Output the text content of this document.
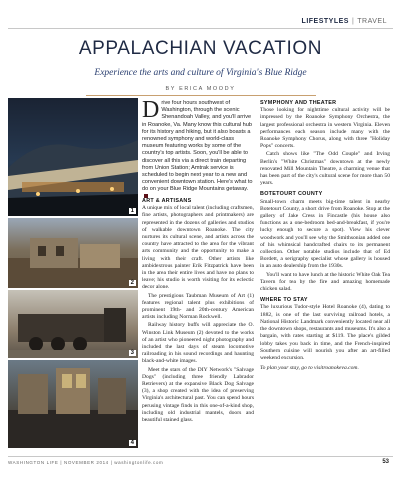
LIFESTYLES | TRAVEL
APPALACHIAN VACATION
Experience the arts and culture of Virginia's Blue Ridge
BY ERICA MOODY
1
2
3
4
Drive four hours southwest of Washington, through the scenic Shenandoah Valley, and you'll arrive in Roanoke, Va. Many know this cultural hub for its history and hiking, but it also boasts a renowned symphony and world-class museum featuring works by some of the country's top artists. Soon, you'll be able to discover all this via a direct train departing from Union Station; Amtrak service is scheduled to begin next year to a new and convenient downtown station. Here's what to do on your Blue Ridge Mountains getaway.
ART & ARTISANS

A unique mix of local talent (including craftsmen, fine artists, photographers and printmakers) are represented in the dozens of galleries and studios of walkable downtown Roanoke. The city nurtures its cultural scene, and artists across the country have attracted to the area for the vibrant arts community and the opportunity to make a living with their craft. Other artists like ambidextrous painter Erik Fitzpatrick have been in the area their entire lives and have no plans to leave; his studio is worth visiting for its eclectic decor alone.

The prestigious Taubman Museum of Art (1) features regional talent plus exhibitions of prominent 19th- and 20th-century American artists including Norman Rockwell.

Railway history buffs will appreciate the O. Winston Link Museum (2) devoted to the works of an artist who pioneered night photography and included the last days of steam locomotive railroading in his sound recordings and haunting black-and-white images.

Meet the stars of the DIY Network's "Salvage Dogs" (including three friendly Labrador Retrievers) at the expansive Black Dog Salvage (3), a shop created with the idea of preserving Virginia's architectural past. You can spend hours perusing vintage finds in this one-of-a-kind shop, including old industrial mantels, doors and beautiful stained glass.

SYMPHONY AND THEATER

Those looking for nighttime cultural activity will be impressed by the Roanoke Symphony Orchestra, the largest professional orchestra in western Virginia. Eleven performances each season include many with the Roanoke Symphony Chorus, along with three "Holiday Pops" concerts.

Catch shows like "The Odd Couple" and Irving Berlin's "White Christmas" downtown at the newly renovated Mill Mountain Theatre, a charming venue that has been part of the city's cultural scene for more than 50 years.

BOTETOURT COUNTY

Small-town charm meets big-time talent in nearby Botetourt County, a short drive from Roanoke. Stop at the gallery of Jake Cress in Fincastle (his house also functions as a one-bedroom bed-and-breakfast, if you're lucky enough to secure a spot). View his clever woodwork and you'll see why the Smithsonian added one of his whimsical handcrafted chairs to its permanent collection. Other notable studios include that of Ed Bordett, a serigraphy specialist whose gallery is housed in an auto dealership from the 1930s.

You'll want to have lunch at the historic White Oak Tea Tavern for tea by the fire and amazing homemade chicken salad.

WHERE TO STAY

The luxurious Tudor-style Hotel Roanoke (4), dating to 1882, is one of the last surviving railroad hotels, a National Historic Landmark conveniently located near all the downtown shops, restaurants and museums. It's also a bargain, with rates starting at $119. The place's gilded lobby takes you back in time, and the French-inspired Southern cuisine will nourish you after an art-filled weekend excursion.

To plan your stay, go to visitroanokeva.com.

WASHINGTON LIFE | NOVEMBER 2014 | washingtonlife.com	53
